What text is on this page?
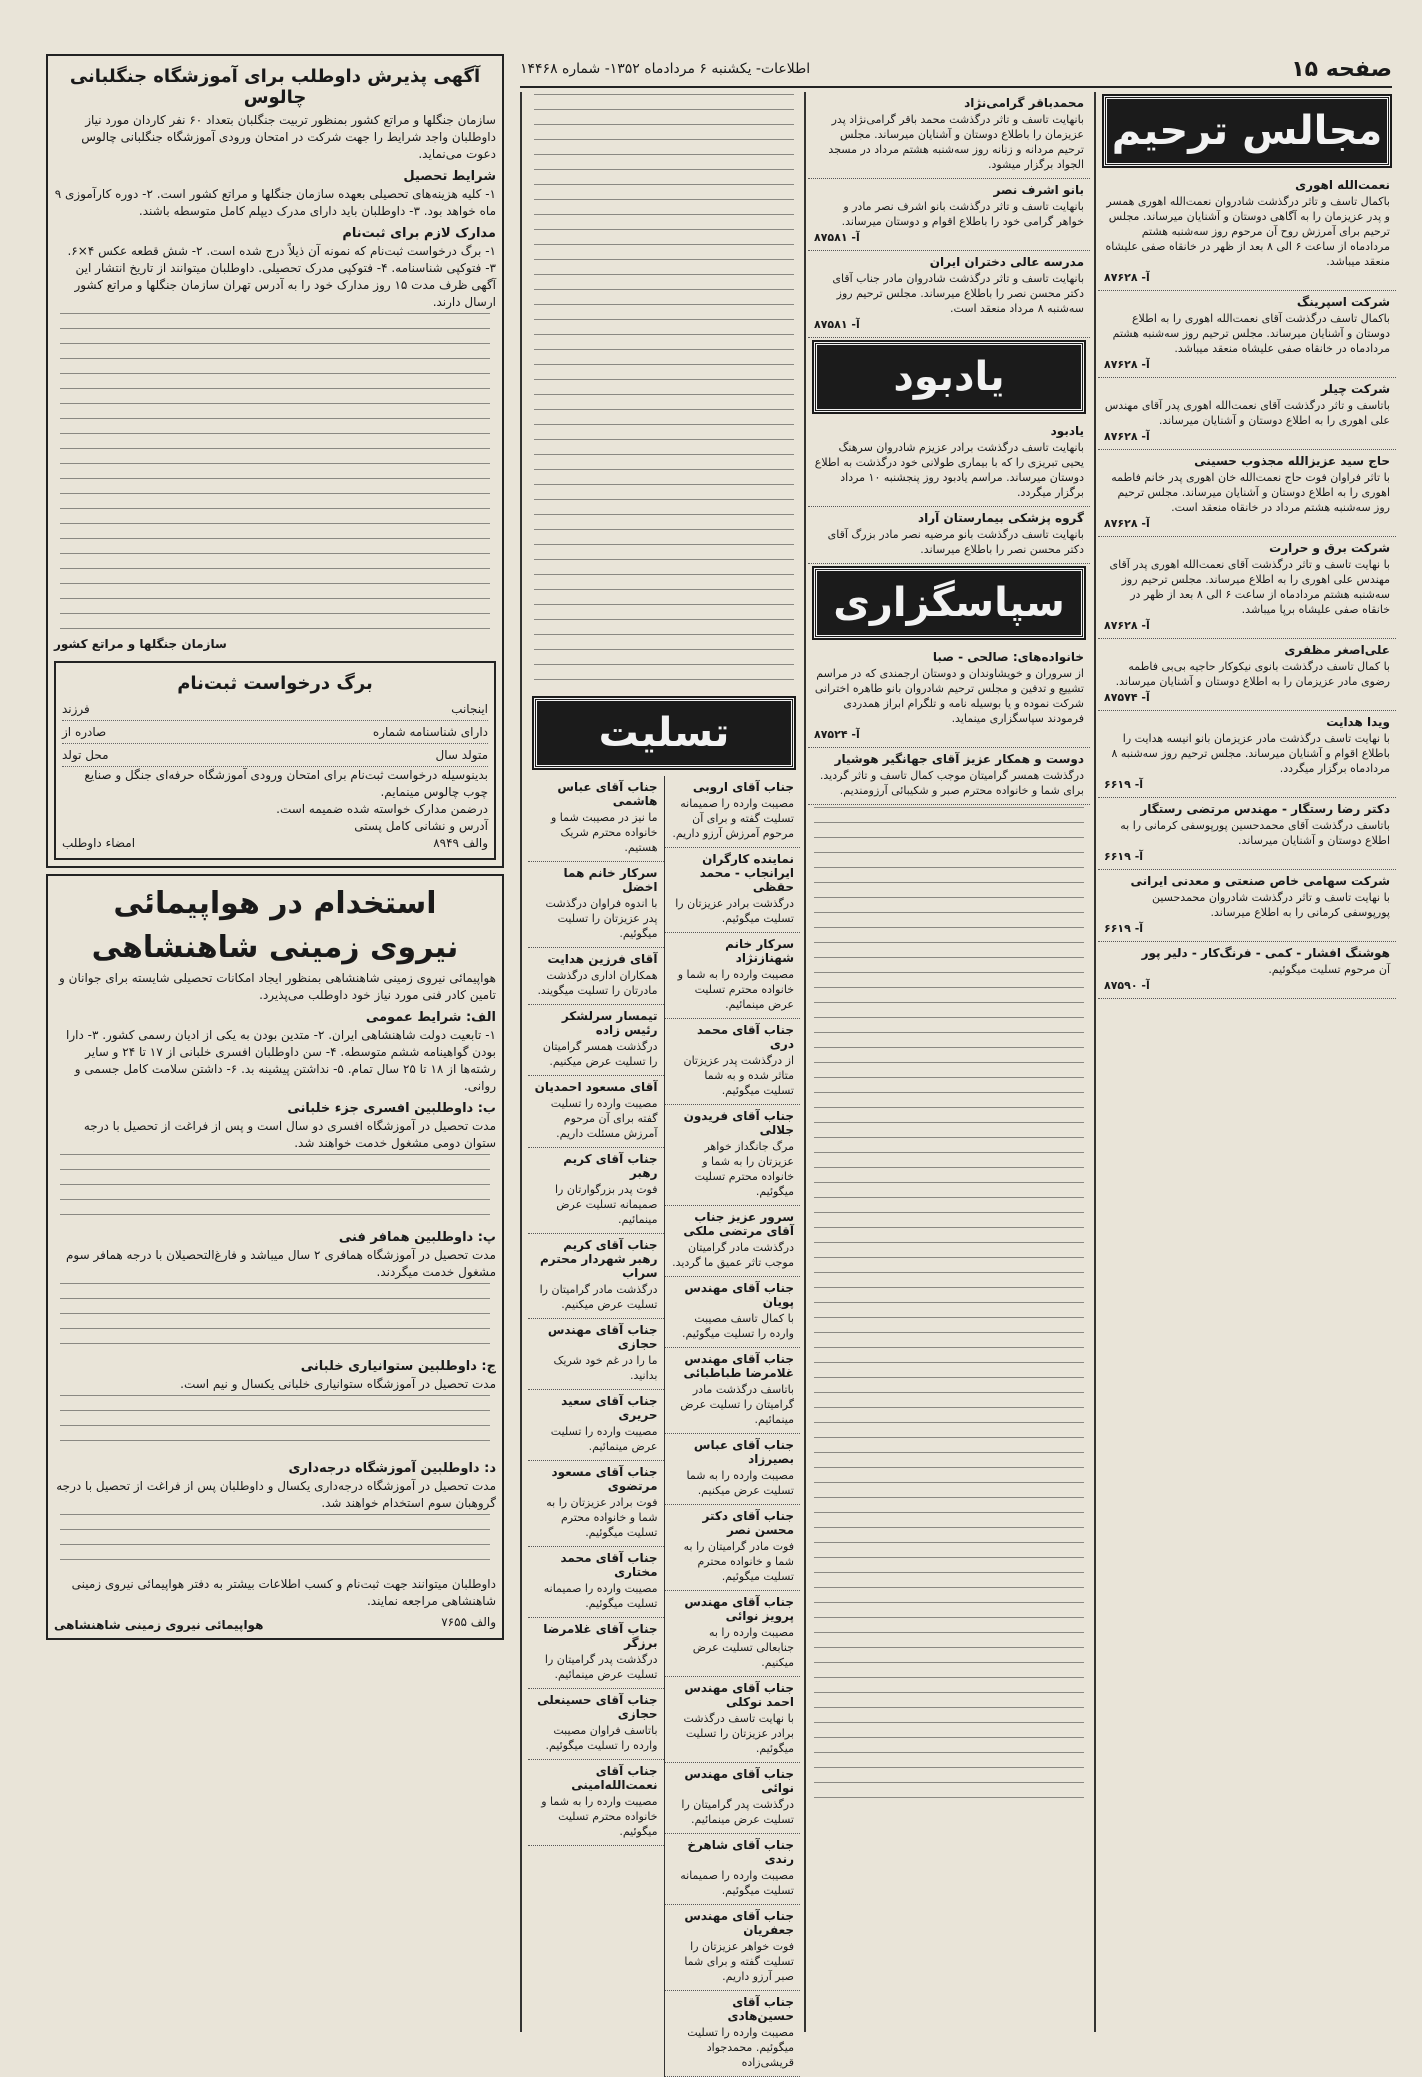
صفحه ۱۵
اطلاعات- یکشنبه ۶ مردادماه ۱۳۵۲- شماره ۱۴۴۶۸
مجالس ترحیم
نعمت‌الله اهوری
باکمال تاسف و تاثر درگذشت شادروان نعمت‌الله اهوری همسر و پدر عزیزمان را به آگاهی دوستان و آشنایان میرساند. مجلس ترحیم برای آمرزش روح آن مرحوم روز سه‌شنبه هشتم مردادماه از ساعت ۶ الی ۸ بعد از ظهر در خانقاه صفی علیشاه منعقد میباشد.
آ- ۸۷۶۲۸
شرکت اسپرینگ
باکمال تاسف درگذشت آقای نعمت‌الله اهوری را به اطلاع دوستان و آشنایان میرساند. مجلس ترحیم روز سه‌شنبه هشتم مردادماه در خانقاه صفی علیشاه منعقد میباشد.
آ- ۸۷۶۲۸
شرکت چیلر
باتاسف و تاثر درگذشت آقای نعمت‌الله اهوری پدر آقای مهندس علی اهوری را به اطلاع دوستان و آشنایان میرساند.
آ- ۸۷۶۲۸
حاج سید عزیزالله مجذوب حسینی
با تاثر فراوان فوت حاج نعمت‌الله خان اهوری پدر خانم فاطمه اهوری را به اطلاع دوستان و آشنایان میرساند. مجلس ترحیم روز سه‌شنبه هشتم مرداد در خانقاه منعقد است.
آ- ۸۷۶۲۸
شرکت برق و حرارت
با نهایت تاسف و تاثر درگذشت آقای نعمت‌الله اهوری پدر آقای مهندس علی اهوری را به اطلاع میرساند. مجلس ترحیم روز سه‌شنبه هشتم مردادماه از ساعت ۶ الی ۸ بعد از ظهر در خانقاه صفی علیشاه برپا میباشد.
آ- ۸۷۶۲۸
علی‌اصغر مظفری
با کمال تاسف درگذشت بانوی نیکوکار حاجیه بی‌بی فاطمه رضوی مادر عزیزمان را به اطلاع دوستان و آشنایان میرساند.
آ- ۸۷۵۷۴
ویدا هدایت
با نهایت تاسف درگذشت مادر عزیزمان بانو انیسه هدایت را باطلاع اقوام و آشنایان میرساند. مجلس ترحیم روز سه‌شنبه ۸ مردادماه برگزار میگردد.
آ- ۶۶۱۹
دکتر رضا رستگار - مهندس مرتضی رستگار
باتاسف درگذشت آقای محمدحسین پورپوسفی کرمانی را به اطلاع دوستان و آشنایان میرساند.
آ- ۶۶۱۹
شرکت سهامی خاص صنعتی و معدنی ایرانی
با نهایت تاسف و تاثر درگذشت شادروان محمدحسین پورپوسفی کرمانی را به اطلاع میرساند.
آ- ۶۶۱۹
هوشنگ افشار - کمی - فرنگ‌کار - دلیر پور
آن مرحوم تسلیت میگوئیم.
آ- ۸۷۵۹۰
محمدباقر گرامی‌نژاد
بانهایت تاسف و تاثر درگذشت محمد باقر گرامی‌نژاد پدر عزیزمان را باطلاع دوستان و آشنایان میرساند. مجلس ترحیم مردانه و زنانه روز سه‌شنبه هشتم مرداد در مسجد الجواد برگزار میشود.
بانو اشرف نصر
بانهایت تاسف و تاثر درگذشت بانو اشرف نصر مادر و خواهر گرامی خود را باطلاع اقوام و دوستان میرساند.
آ- ۸۷۵۸۱
مدرسه عالی دختران ایران
بانهایت تاسف و تاثر درگذشت شادروان مادر جناب آقای دکتر محسن نصر را باطلاع میرساند. مجلس ترحیم روز سه‌شنبه ۸ مرداد منعقد است.
آ- ۸۷۵۸۱
یادبود
یادبود
بانهایت تاسف درگذشت برادر عزیزم شادروان سرهنگ یحیی تبریزی را که با بیماری طولانی خود درگذشت به اطلاع دوستان میرساند. مراسم یادبود روز پنجشنبه ۱۰ مرداد برگزار میگردد.
گروه پزشکی بیمارستان آراد
بانهایت تاسف درگذشت بانو مرضیه نصر مادر بزرگ آقای دکتر محسن نصر را باطلاع میرساند.
سپاسگزاری
خانواده‌های: صالحی - صبا
از سروران و خویشاوندان و دوستان ارجمندی که در مراسم تشییع و تدفین و مجلس ترحیم شادروان بانو طاهره اخترانی شرکت نموده و یا بوسیله نامه و تلگرام ابراز همدردی فرمودند سپاسگزاری مینماید.
آ- ۸۷۵۲۴
دوست و همکار عزیز آقای جهانگیر هوشیار
درگذشت همسر گرامیتان موجب کمال تاسف و تاثر گردید. برای شما و خانواده محترم صبر و شکیبائی آرزومندیم.
تسلیت
جناب آقای اروبی
مصیبت وارده را صمیمانه تسلیت گفته و برای آن مرحوم آمرزش آرزو داریم.
نماینده کارگران ایرانجاب - محمد حقظی
درگذشت برادر عزیزتان را تسلیت میگوئیم.
سرکار خانم شهنازنژاد
مصیبت وارده را به شما و خانواده محترم تسلیت عرض مینمائیم.
جناب آقای محمد دری
از درگذشت پدر عزیزتان متاثر شده و به شما تسلیت میگوئیم.
جناب آقای فریدون جلالی
مرگ جانگداز خواهر عزیزتان را به شما و خانواده محترم تسلیت میگوئیم.
سرور عزیز جناب آقای مرتضی ملکی
درگذشت مادر گرامیتان موجب تاثر عمیق ما گردید.
جناب آقای مهندس پویان
با کمال تاسف مصیبت وارده را تسلیت میگوئیم.
جناب آقای مهندس غلامرضا طباطبائی
باتاسف درگذشت مادر گرامیتان را تسلیت عرض مینمائیم.
جناب آقای عباس بصیرزاد
مصیبت وارده را به شما تسلیت عرض میکنیم.
جناب آقای دکتر محسن نصر
فوت مادر گرامیتان را به شما و خانواده محترم تسلیت میگوئیم.
جناب آقای مهندس پرویز نوائی
مصیبت وارده را به جنابعالی تسلیت عرض میکنیم.
جناب آقای مهندس احمد نوکلی
با نهایت تاسف درگذشت برادر عزیزتان را تسلیت میگوئیم.
جناب آقای مهندس نوائی
درگذشت پدر گرامیتان را تسلیت عرض مینمائیم.
جناب آقای شاهرخ رندی
مصیبت وارده را صمیمانه تسلیت میگوئیم.
جناب آقای مهندس جعفریان
فوت خواهر عزیزتان را تسلیت گفته و برای شما صبر آرزو داریم.
جناب آقای حسین‌هادی
مصیبت وارده را تسلیت میگوئیم. محمدجواد قریشی‌زاده
جناب آقای عباس هاشمی
ما نیز در مصیبت شما و خانواده محترم شریک هستیم.
سرکار خانم هما اخضل
با اندوه فراوان درگذشت پدر عزیزتان را تسلیت میگوئیم.
آقای فرزین هدایت
همکاران اداری درگذشت مادرتان را تسلیت میگویند.
تیمسار سرلشکر رئیس زاده
درگذشت همسر گرامیتان را تسلیت عرض میکنیم.
آقای مسعود احمدیان
مصیبت وارده را تسلیت گفته برای آن مرحوم آمرزش مسئلت داریم.
جناب آقای کریم رهبر
فوت پدر بزرگوارتان را صمیمانه تسلیت عرض مینمائیم.
جناب آقای کریم رهبر شهردار محترم سراب
درگذشت مادر گرامیتان را تسلیت عرض میکنیم.
جناب آقای مهندس حجازی
ما را در غم خود شریک بدانید.
جناب آقای سعید حریری
مصیبت وارده را تسلیت عرض مینمائیم.
جناب آقای مسعود مرتضوی
فوت برادر عزیزتان را به شما و خانواده محترم تسلیت میگوئیم.
جناب آقای محمد مختاری
مصیبت وارده را صمیمانه تسلیت میگوئیم.
جناب آقای غلامرضا برزگر
درگذشت پدر گرامیتان را تسلیت عرض مینمائیم.
جناب آقای حسینعلی حجازی
باتاسف فراوان مصیبت وارده را تسلیت میگوئیم.
جناب آقای نعمت‌الله‌امینی
مصیبت وارده را به شما و خانواده محترم تسلیت میگوئیم.
آگهی پذیرش داوطلب برای آموزشگاه جنگلبانی چالوس
سازمان جنگلها و مراتع کشور بمنظور تربیت جنگلبان بتعداد ۶۰ نفر کاردان مورد نیاز داوطلبان واجد شرایط را جهت شرکت در امتحان ورودی آموزشگاه جنگلبانی چالوس دعوت می‌نماید.
شرایط تحصیل
۱- کلیه هزینه‌های تحصیلی بعهده سازمان جنگلها و مراتع کشور است. ۲- دوره کارآموزی ۹ ماه خواهد بود. ۳- داوطلبان باید دارای مدرک دیپلم کامل متوسطه باشند.
مدارک لازم برای ثبت‌نام
۱- برگ درخواست ثبت‌نام که نمونه آن ذیلاً درج شده است. ۲- شش قطعه عکس ۴×۶. ۳- فتوکپی شناسنامه. ۴- فتوکپی مدرک تحصیلی. داوطلبان میتوانند از تاریخ انتشار این آگهی ظرف مدت ۱۵ روز مدارک خود را به آدرس تهران سازمان جنگلها و مراتع کشور ارسال دارند.
سازمان جنگلها و مراتع کشور
برگ درخواست ثبت‌نام
اینجانب
فرزند
دارای شناسنامه شماره
صادره از
متولد سال
محل تولد
بدینوسیله درخواست ثبت‌نام برای امتحان ورودی آموزشگاه حرفه‌ای جنگل و صنایع چوب چالوس مینمایم.
درضمن مدارک خواسته شده ضمیمه است.
آدرس و نشانی کامل پستی
والف ۸۹۴۹
امضاء داوطلب
استخدام در هواپیمائی
نیروی زمینی شاهنشاهی
هواپیمائی نیروی زمینی شاهنشاهی بمنظور ایجاد امکانات تحصیلی شایسته برای جوانان و تامین کادر فنی مورد نیاز خود داوطلب می‌پذیرد.
الف: شرایط عمومی
۱- تابعیت دولت شاهنشاهی ایران. ۲- متدین بودن به یکی از ادیان رسمی کشور. ۳- دارا بودن گواهینامه ششم متوسطه. ۴- سن داوطلبان افسری خلبانی از ۱۷ تا ۲۴ و سایر رشته‌ها از ۱۸ تا ۲۵ سال تمام. ۵- نداشتن پیشینه بد. ۶- داشتن سلامت کامل جسمی و روانی.
ب: داوطلبین افسری جزء خلبانی
مدت تحصیل در آموزشگاه افسری دو سال است و پس از فراغت از تحصیل با درجه ستوان دومی مشغول خدمت خواهند شد.
پ: داوطلبین همافر فنی
مدت تحصیل در آموزشگاه همافری ۲ سال میباشد و فارغ‌التحصیلان با درجه همافر سوم مشغول خدمت میگردند.
ج: داوطلبین ستوانیاری خلبانی
مدت تحصیل در آموزشگاه ستوانیاری خلبانی یکسال و نیم است.
د: داوطلبین آموزشگاه درجه‌داری
مدت تحصیل در آموزشگاه درجه‌داری یکسال و داوطلبان پس از فراغت از تحصیل با درجه گروهبان سوم استخدام خواهند شد.
داوطلبان میتوانند جهت ثبت‌نام و کسب اطلاعات بیشتر به دفتر هواپیمائی نیروی زمینی شاهنشاهی مراجعه نمایند.
والف ۷۶۵۵
هواپیمائی نیروی زمینی شاهنشاهی
